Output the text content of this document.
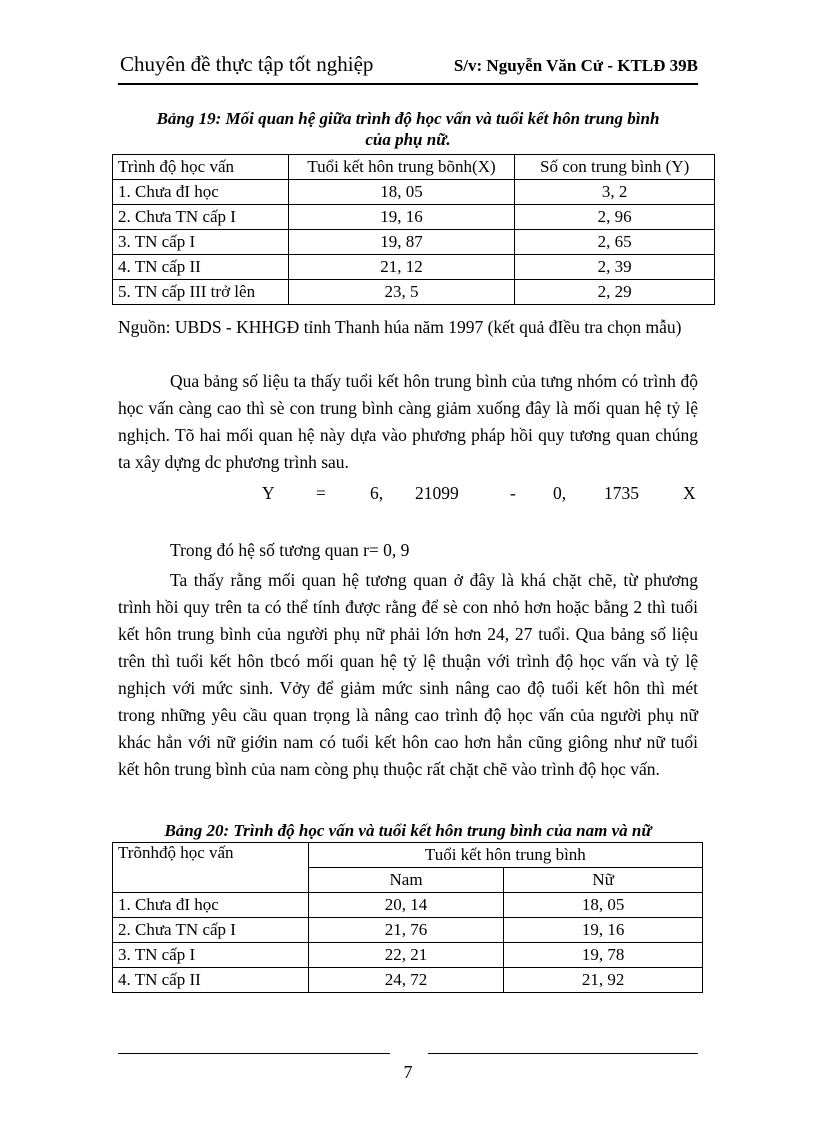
Chuyên đề thực tập tốt nghiệp	S/v: Nguyễn Văn Cử - KTLĐ 39B
Bảng 19: Mối quan hệ giữa trình độ học vấn và tuổi kết hôn trung bình
của phụ nữ.
Trình độ học vấn	Tuổi kết hôn trung bõnh(X)	Số con trung bình (Y)
1. Chưa đI học	18, 05	3, 2
2. Chưa TN cấp I	19, 16	2, 96
3. TN cấp I	19, 87	2, 65
4. TN cấp II	21, 12	2, 39
5. TN cấp III trở lên	23, 5	2, 29
Nguồn: UBDS - KHHGĐ tỉnh Thanh húa năm 1997 (kết quả đIều tra chọn mẫu)

Qua bảng số liệu ta thấy tuổi kết hôn trung bình của tưng nhóm có trình độ học vấn càng cao thì sè con trung bình càng giảm xuống đây là mối quan hệ tỷ lệ nghịch. Tõ hai mối quan hệ này dựa vào phương pháp hồi quy tương quan chúng ta xây dựng dc phương trình sau.

Y =	6, 21099	- 0, 1735	X
Trong đó hệ số tương quan r= 0, 9

Ta thấy rằng mối quan hệ tương quan ở đây là khá chặt chẽ, từ phương trình hồi quy trên ta có thể tính được rằng để sè con nhỏ hơn hoặc bằng 2 thì tuổi kết hôn trung bình của người phụ nữ phải lớn hơn 24, 27 tuổi. Qua bảng số liệu trên thì tuổi kết hôn tbcó mối quan hệ tỷ lệ thuận với trình độ học vấn và tỷ lệ nghịch với mức sinh. Vởy để giảm mức sinh nâng cao độ tuổi kết hôn thì mét trong những yêu cầu quan trọng là nâng cao trình độ học vấn của người phụ nữ khác hẳn với nữ giớin nam có tuổi kết hôn cao hơn hẳn cũng giông như nữ tuổi kết hôn trung bình của nam còng phụ thuộc rất chặt chẽ vào trình độ học vấn.

Bảng 20: Trình độ học vấn và tuổi kết hôn trung bình của nam và nữ
Trõnhđộ học vấn	Tuổi kết hôn trung bình	
	Nam	Nữ
1. Chưa đI học	20, 14	18, 05
2. Chưa TN cấp I	21, 76	19, 16
3. TN cấp I	22, 21	19, 78
4. TN cấp II	24, 72	21, 92
7
